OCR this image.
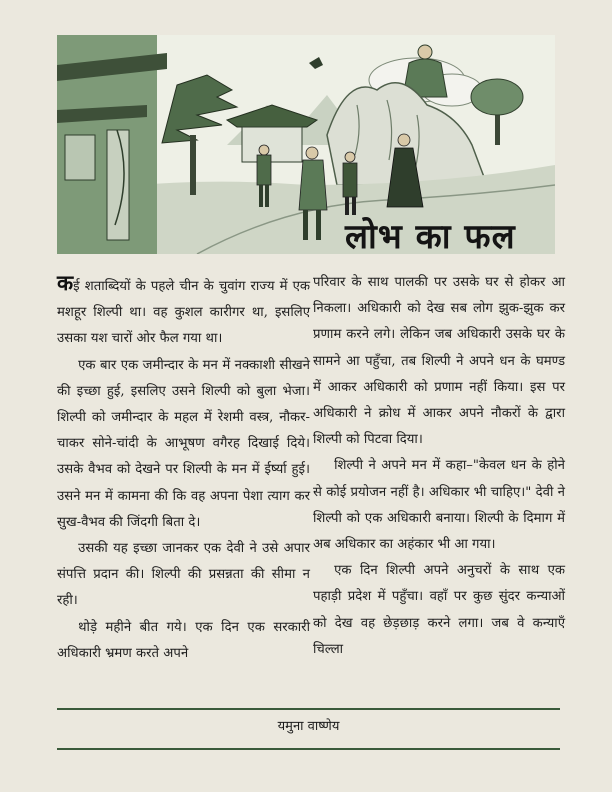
लोभ का फल

कई शताब्दियों के पहले चीन के चुवांग राज्य में एक मशहूर शिल्पी था। वह कुशल कारीगर था, इसलिए उसका यश चारों ओर फैल गया था।

एक बार एक जमीन्दार के मन में नक्काशी सीखने की इच्छा हुई, इसलिए उसने शिल्पी को बुला भेजा। शिल्पी को जमीन्दार के महल में रेशमी वस्त्र, नौकर-चाकर सोने-चांदी के आभूषण वगैरह दिखाई दिये। उसके वैभव को देखने पर शिल्पी के मन में ईर्ष्या हुई। उसने मन में कामना की कि वह अपना पेशा त्याग कर सुख-वैभव की जिंदगी बिता दे।

उसकी यह इच्छा जानकर एक देवी ने उसे अपार संपत्ति प्रदान की। शिल्पी की प्रसन्नता की सीमा न रही।

थोड़े महीने बीत गये। एक दिन एक सरकारी अधिकारी भ्रमण करते अपने

परिवार के साथ पालकी पर उसके घर से होकर आ निकला। अधिकारी को देख सब लोग झुक-झुक कर प्रणाम करने लगे। लेकिन जब अधिकारी उसके घर के सामने आ पहुँचा, तब शिल्पी ने अपने धन के घमण्ड में आकर अधिकारी को प्रणाम नहीं किया। इस पर अधिकारी ने क्रोध में आकर अपने नौकरों के द्वारा शिल्पी को पिटवा दिया।

शिल्पी ने अपने मन में कहा–"केवल धन के होने से कोई प्रयोजन नहीं है। अधिकार भी चाहिए।" देवी ने शिल्पी को एक अधिकारी बनाया। शिल्पी के दिमाग में अब अधिकार का अहंकार भी आ गया।

एक दिन शिल्पी अपने अनुचरों के साथ एक पहाड़ी प्रदेश में पहुँचा। वहाँ पर कुछ सुंदर कन्याओं को देख वह छेड़छाड़ करने लगा। जब वे कन्याएँ चिल्ला

यमुना वाष्णेय
